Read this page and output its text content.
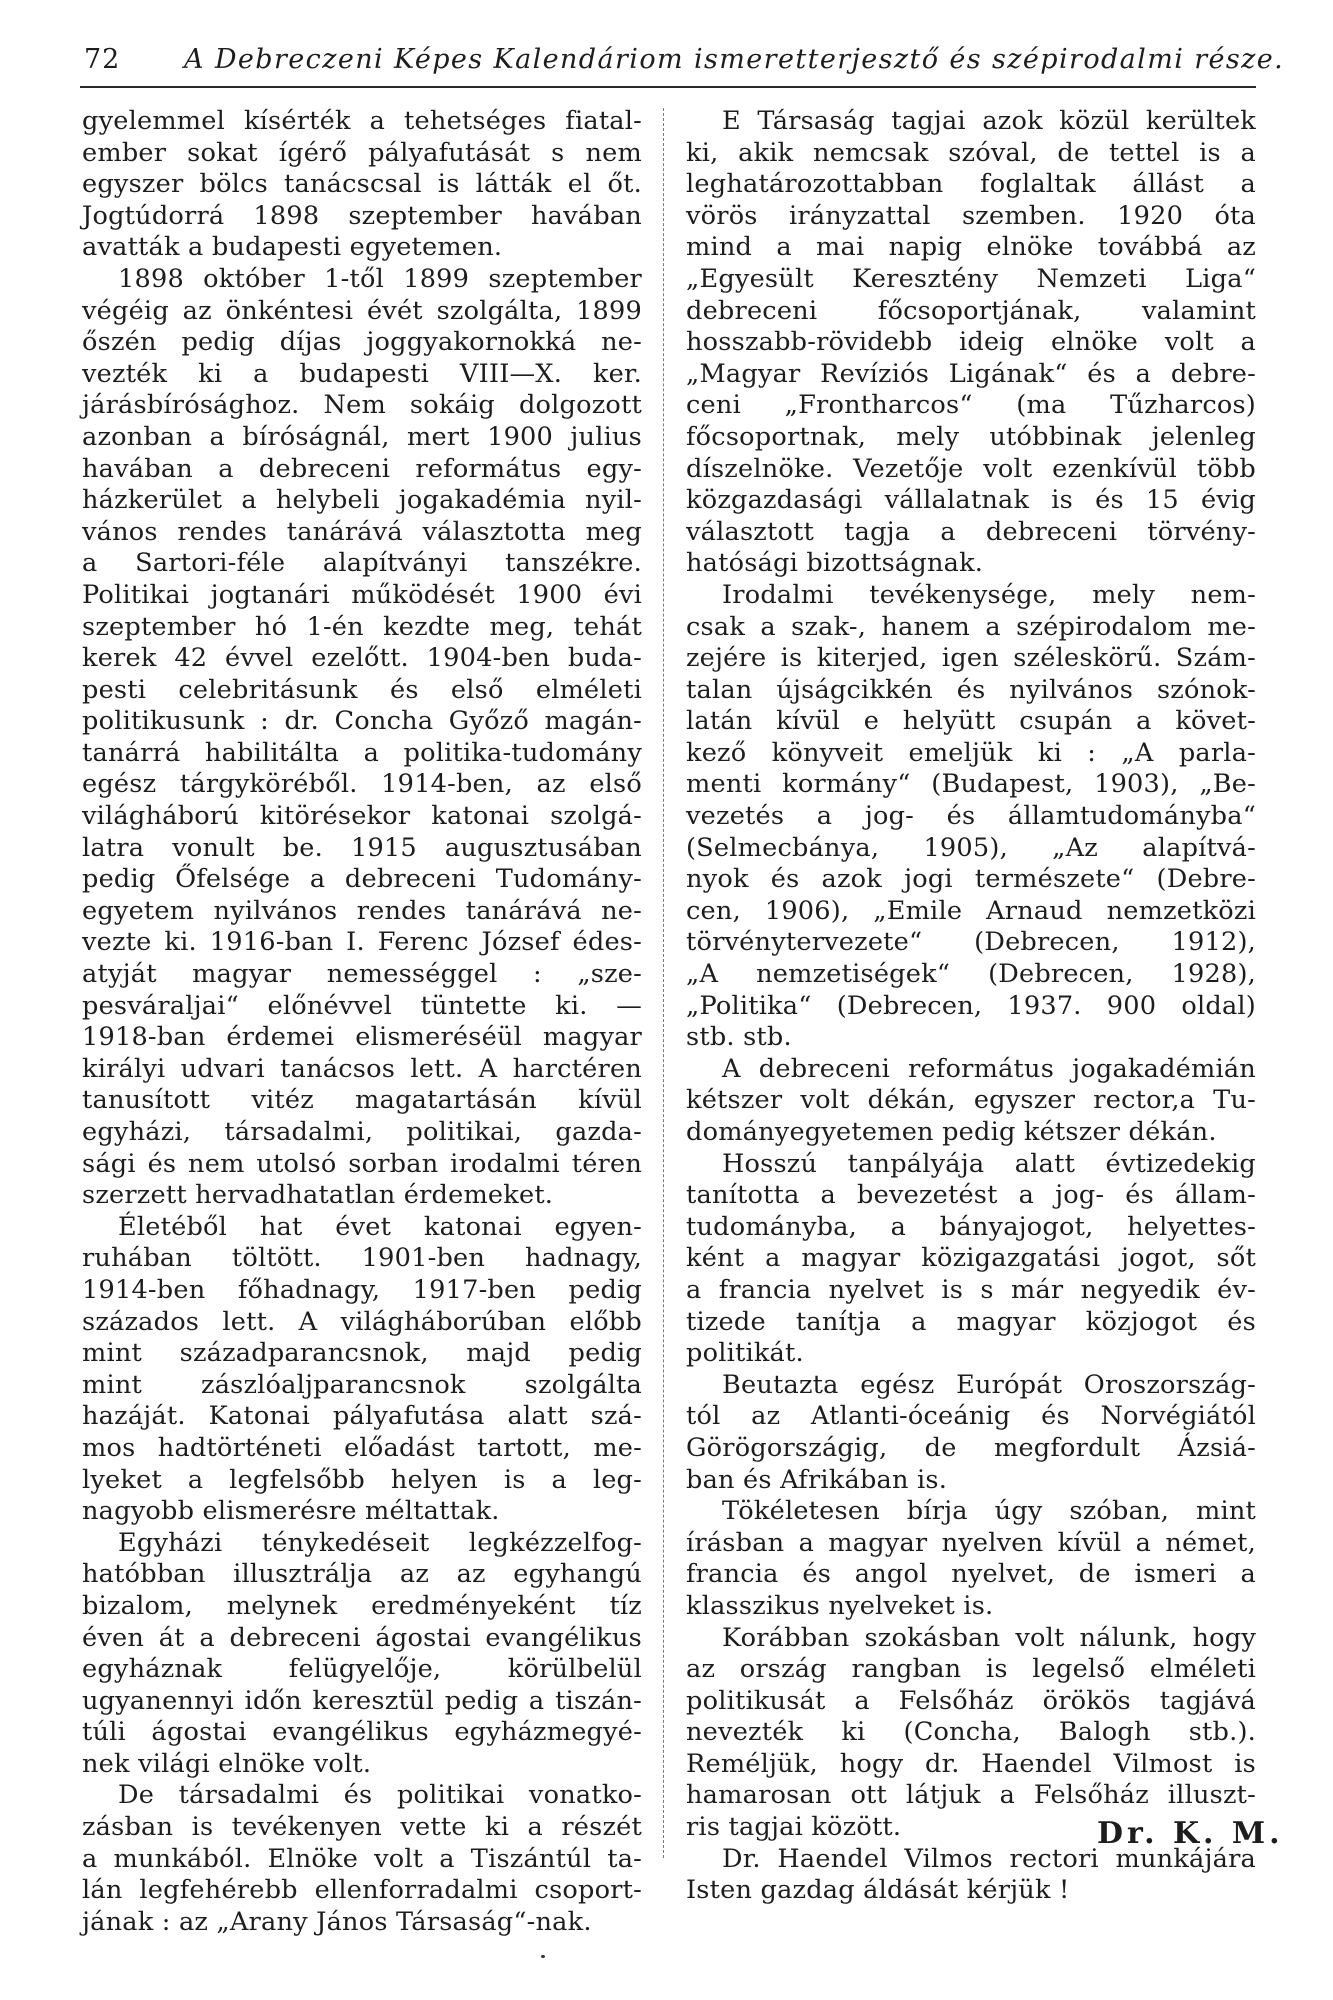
72 A Debreczeni Képes Kalendáriom ismeretterjesztő és szépirodalmi része.
gyelemmel kísérték a tehetséges fiatal-
ember sokat ígérő pályafutását s nem
egyszer bölcs tanácscsal is látták el őt.
Jogtúdorrá 1898 szeptember havában
avatták a budapesti egyetemen.
1898 október 1-től 1899 szeptember
végéig az önkéntesi évét szolgálta, 1899
őszén pedig díjas joggyakornokká ne-
vezték ki a budapesti VIII—X. ker.
járásbírósághoz. Nem sokáig dolgozott
azonban a bíróságnál, mert 1900 julius
havában a debreceni református egy-
házkerület a helybeli jogakadémia nyil-
vános rendes tanárává választotta meg
a Sartori-féle alapítványi tanszékre.
Politikai jogtanári működését 1900 évi
szeptember hó 1-én kezdte meg, tehát
kerek 42 évvel ezelőtt. 1904-ben buda-
pesti celebritásunk és első elméleti
politikusunk : dr. Concha Győző magán-
tanárrá habilitálta a politika-tudomány
egész tárgyköréből. 1914-ben, az első
világháború kitörésekor katonai szolgá-
latra vonult be. 1915 augusztusában
pedig Őfelsége a debreceni Tudomány-
egyetem nyilvános rendes tanárává ne-
vezte ki. 1916-ban I. Ferenc József édes-
atyját magyar nemességgel : „sze-
pesváraljai“ előnévvel tüntette ki. —
1918-ban érdemei elismeréséül magyar
királyi udvari tanácsos lett. A harctéren
tanusított vitéz magatartásán kívül
egyházi, társadalmi, politikai, gazda-
sági és nem utolsó sorban irodalmi téren
szerzett hervadhatatlan érdemeket.
Életéből hat évet katonai egyen-
ruhában töltött. 1901-ben hadnagy,
1914-ben főhadnagy, 1917-ben pedig
százados lett. A világháborúban előbb
mint századparancsnok, majd pedig
mint zászlóaljparancsnok szolgálta
hazáját. Katonai pályafutása alatt szá-
mos hadtörténeti előadást tartott, me-
lyeket a legfelsőbb helyen is a leg-
nagyobb elismerésre méltattak.
Egyházi ténykedéseit legkézzelfog-
hatóbban illusztrálja az az egyhangú
bizalom, melynek eredményeként tíz
éven át a debreceni ágostai evangélikus
egyháznak felügyelője, körülbelül
ugyanennyi időn keresztül pedig a tiszán-
túli ágostai evangélikus egyházmegyé-
nek világi elnöke volt.
De társadalmi és politikai vonatko-
zásban is tevékenyen vette ki a részét
a munkából. Elnöke volt a Tiszántúl ta-
lán legfehérebb ellenforradalmi csoport-
jának : az „Arany János Társaság“-nak.
E Társaság tagjai azok közül kerültek
ki, akik nemcsak szóval, de tettel is a
leghatározottabban foglaltak állást a
vörös irányzattal szemben. 1920 óta
mind a mai napig elnöke továbbá az
„Egyesült Keresztény Nemzeti Liga“
debreceni főcsoportjának, valamint
hosszabb-rövidebb ideig elnöke volt a
„Magyar Revíziós Ligának“ és a debre-
ceni „Frontharcos“ (ma Tűzharcos)
főcsoportnak, mely utóbbinak jelenleg
díszelnöke. Vezetője volt ezenkívül több
közgazdasági vállalatnak is és 15 évig
választott tagja a debreceni törvény-
hatósági bizottságnak.
Irodalmi tevékenysége, mely nem-
csak a szak-, hanem a szépirodalom me-
zejére is kiterjed, igen széleskörű. Szám-
talan újságcikkén és nyilvános szónok-
latán kívül e helyütt csupán a követ-
kező könyveit emeljük ki : „A parla-
menti kormány“ (Budapest, 1903), „Be-
vezetés a jog- és államtudományba“
(Selmecbánya, 1905), „Az alapítvá-
nyok és azok jogi természete“ (Debre-
cen, 1906), „Emile Arnaud nemzetközi
törvénytervezete“ (Debrecen, 1912),
„A nemzetiségek“ (Debrecen, 1928),
„Politika“ (Debrecen, 1937. 900 oldal)
stb. stb.
A debreceni református jogakadémián
kétszer volt dékán, egyszer rector,a Tu-
dományegyetemen pedig kétszer dékán.
Hosszú tanpályája alatt évtizedekig
tanította a bevezetést a jog- és állam-
tudományba, a bányajogot, helyettes-
ként a magyar közigazgatási jogot, sőt
a francia nyelvet is s már negyedik év-
tizede tanítja a magyar közjogot és
politikát.
Beutazta egész Európát Oroszország-
tól az Atlanti-óceánig és Norvégiától
Görögországig, de megfordult Ázsiá-
ban és Afrikában is.
Tökéletesen bírja úgy szóban, mint
írásban a magyar nyelven kívül a német,
francia és angol nyelvet, de ismeri a
klasszikus nyelveket is.
Korábban szokásban volt nálunk, hogy
az ország rangban is legelső elméleti
politikusát a Felsőház örökös tagjává
nevezték ki (Concha, Balogh stb.).
Reméljük, hogy dr. Haendel Vilmost is
hamarosan ott látjuk a Felsőház illuszt-
ris tagjai között.
Dr. Haendel Vilmos rectori munkájára
Isten gazdag áldását kérjük !
Dr. K. M.
